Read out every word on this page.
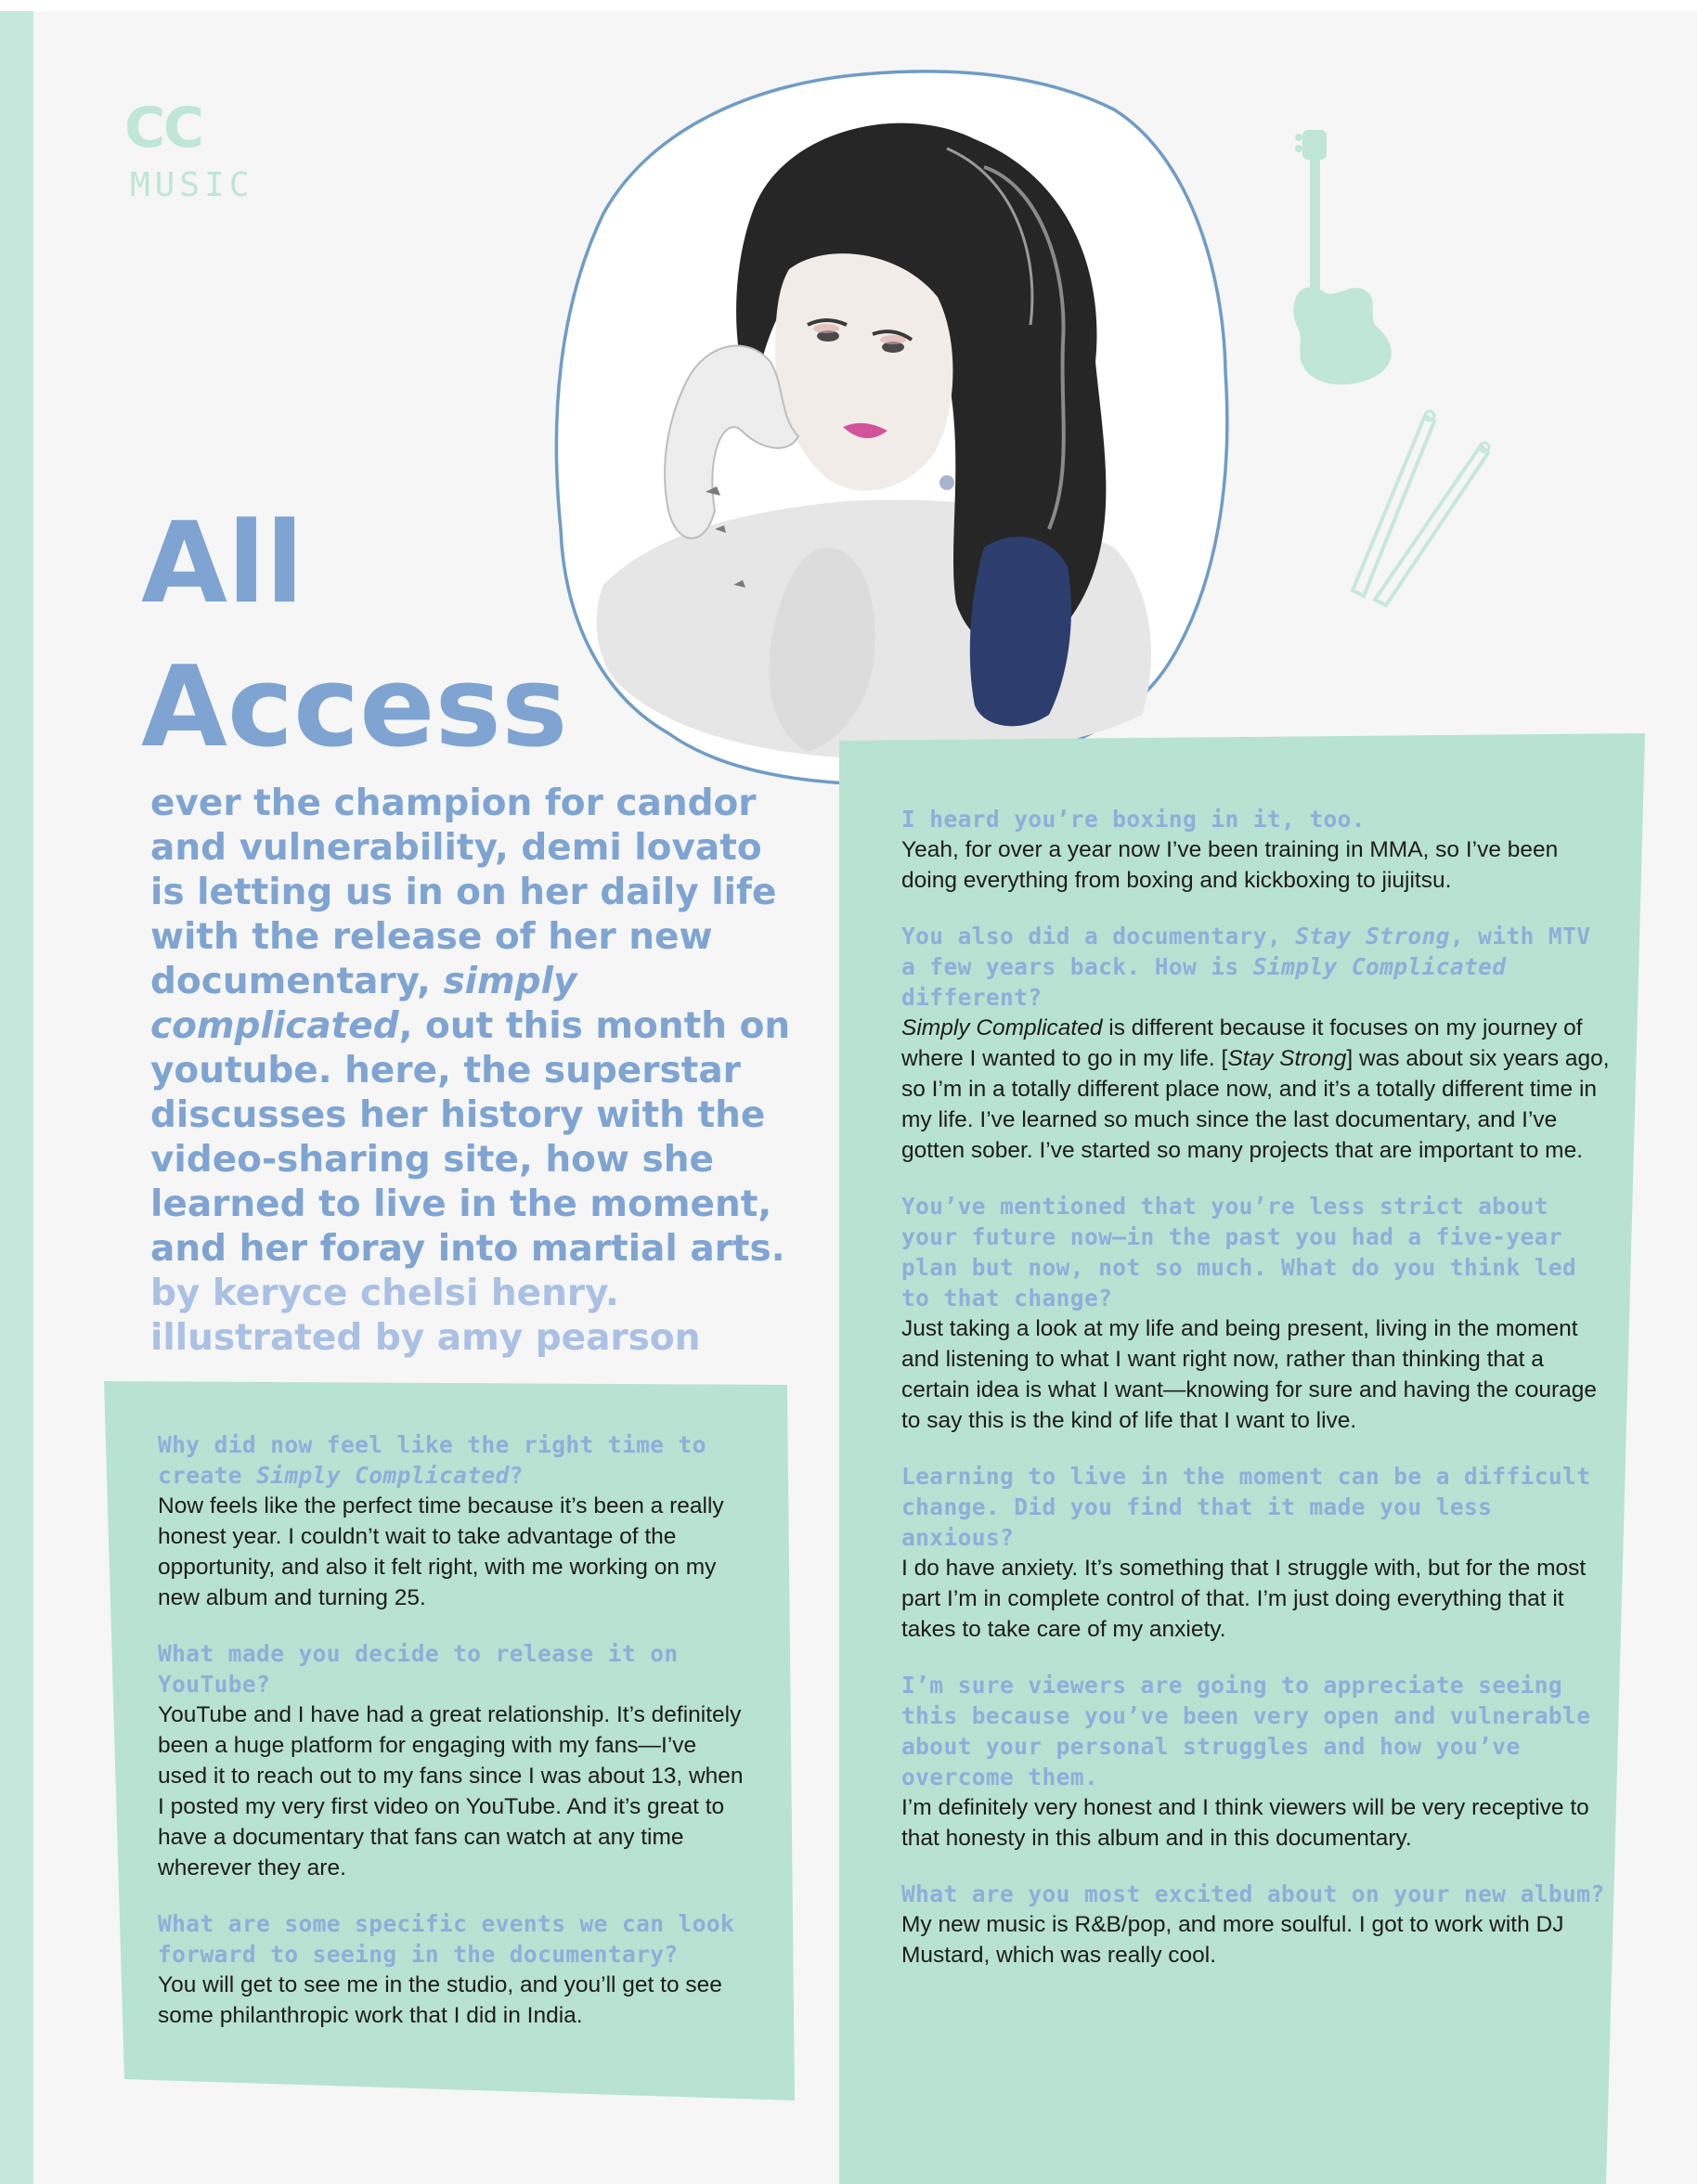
CC
MUSIC
All
Access
ever the champion for candor and vulnerability, demi lovato is letting us in on her daily life with the release of her new documentary, simply complicated, out this month on youtube. here, the superstar discusses her history with the video-sharing site, how she learned to live in the moment, and her foray into martial arts. by keryce chelsi henry. illustrated by amy pearson

Why did now feel like the right time to create Simply Complicated?

Now feels like the perfect time because it’s been a really honest year. I couldn’t wait to take advantage of the opportunity, and also it felt right, with me working on my new album and turning 25.

What made you decide to release it on YouTube?

YouTube and I have had a great relationship. It’s definitely been a huge platform for engaging with my fans—I’ve used it to reach out to my fans since I was about 13, when I posted my very first video on YouTube. And it’s great to have a documentary that fans can watch at any time wherever they are.

What are some specific events we can look forward to seeing in the documentary?

You will get to see me in the studio, and you’ll get to see some philanthropic work that I did in India.

I heard you’re boxing in it, too.

Yeah, for over a year now I’ve been training in MMA, so I’ve been doing everything from boxing and kickboxing to jiujitsu.

You also did a documentary, Stay Strong, with MTV a few years back. How is Simply Complicated different?

Simply Complicated is different because it focuses on my journey of where I wanted to go in my life. [Stay Strong] was about six years ago, so I’m in a totally different place now, and it’s a totally different time in my life. I’ve learned so much since the last documentary, and I’ve gotten sober. I’ve started so many projects that are important to me.

You’ve mentioned that you’re less strict about your future now—in the past you had a five-year plan but now, not so much. What do you think led to that change?

Just taking a look at my life and being present, living in the moment and listening to what I want right now, rather than thinking that a certain idea is what I want—knowing for sure and having the courage to say this is the kind of life that I want to live.

Learning to live in the moment can be a difficult change. Did you find that it made you less anxious?

I do have anxiety. It’s something that I struggle with, but for the most part I’m in complete control of that. I’m just doing everything that it takes to take care of my anxiety.

I’m sure viewers are going to appreciate seeing this because you’ve been very open and vulnerable about your personal struggles and how you’ve overcome them.

I’m definitely very honest and I think viewers will be very receptive to that honesty in this album and in this documentary.

What are you most excited about on your new album?

My new music is R&B/pop, and more soulful. I got to work with DJ Mustard, which was really cool.
